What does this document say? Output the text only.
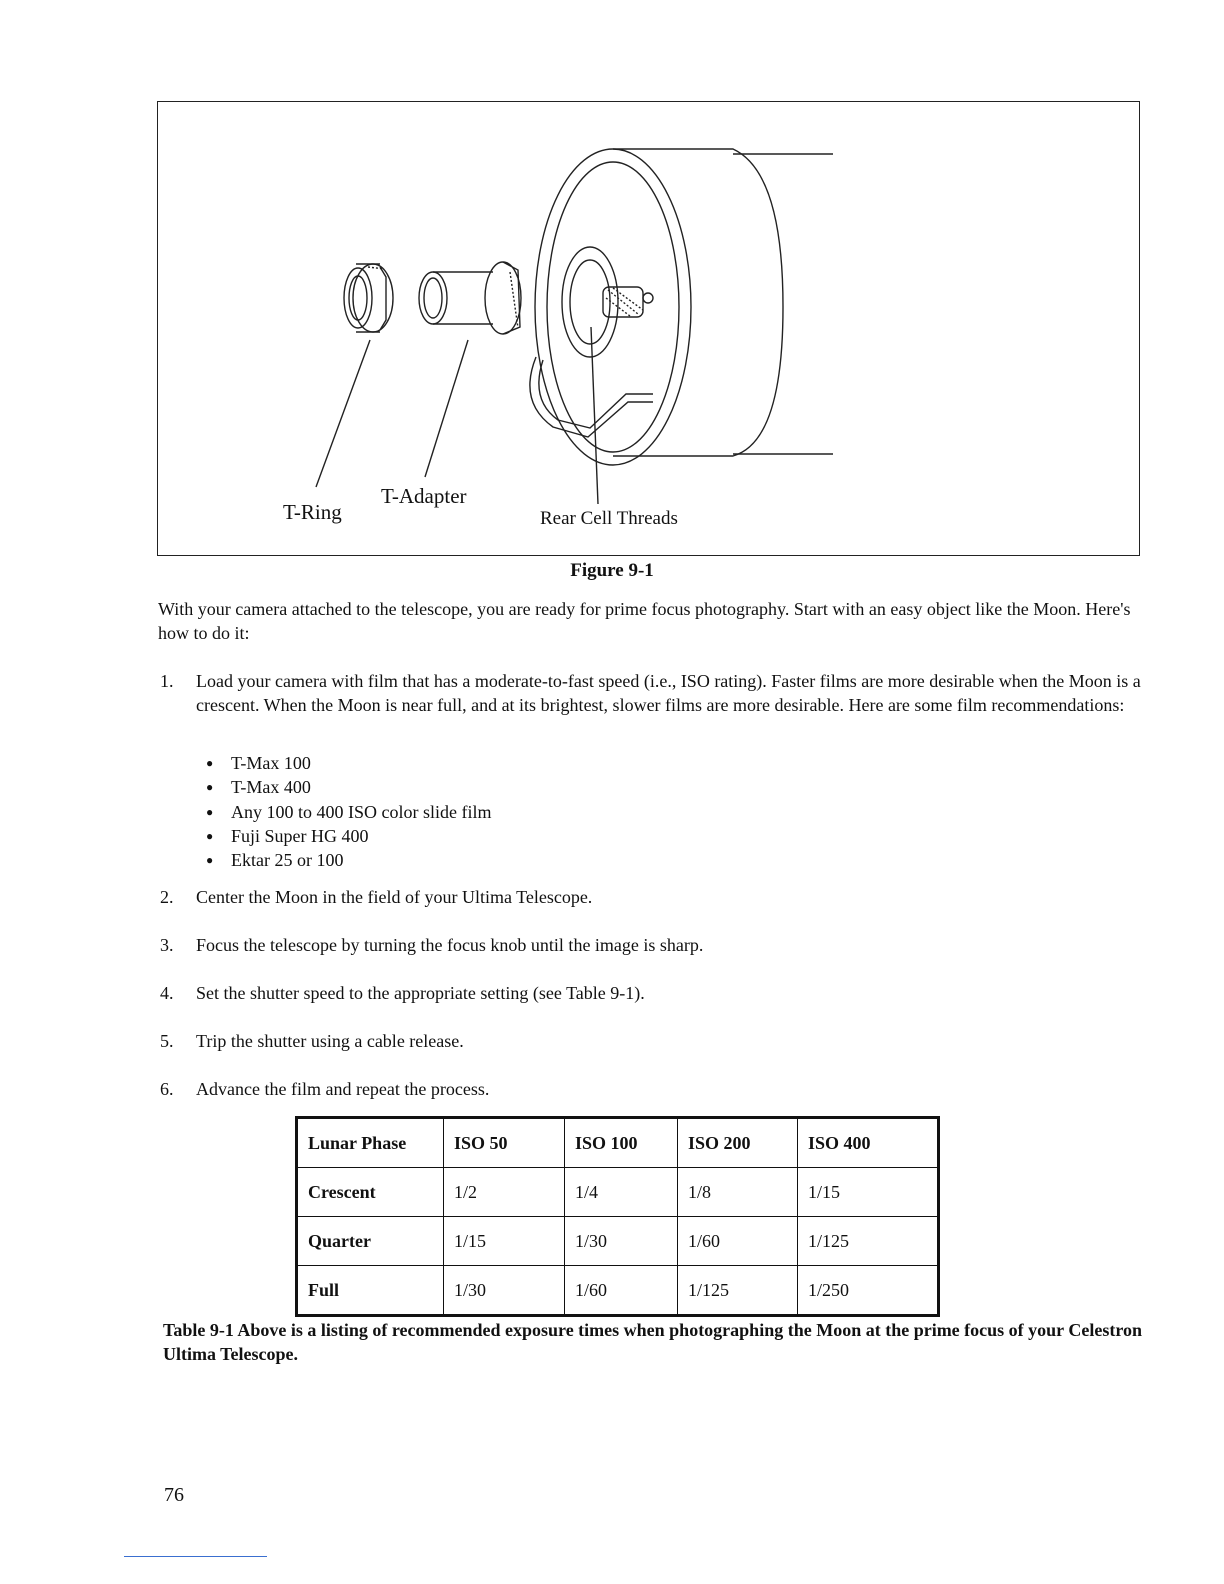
T-Ring
T-Adapter
Rear Cell Threads
Figure 9-1
With your camera attached to the telescope, you are ready for prime focus photography. Start with an easy object like the Moon. Here's how to do it:
1. Load your camera with film that has a moderate-to-fast speed (i.e., ISO rating). Faster films are more desirable when the Moon is a crescent. When the Moon is near full, and at its brightest, slower films are more desirable. Here are some film recommendations:
● T-Max 100
● T-Max 400
● Any 100 to 400 ISO color slide film
● Fuji Super HG 400
● Ektar 25 or 100
2. Center the Moon in the field of your Ultima Telescope.
3. Focus the telescope by turning the focus knob until the image is sharp.
4. Set the shutter speed to the appropriate setting (see Table 9-1).
5. Trip the shutter using a cable release.
6. Advance the film and repeat the process.
Lunar Phase	ISO 50	ISO 100	ISO 200	ISO 400
Crescent	1/2	1/4	1/8	1/15
Quarter	1/15	1/30	1/60	1/125
Full	1/30	1/60	1/125	1/250
Table 9-1 Above is a listing of recommended exposure times when photographing the Moon at the prime focus of your Celestron Ultima Telescope.
76
